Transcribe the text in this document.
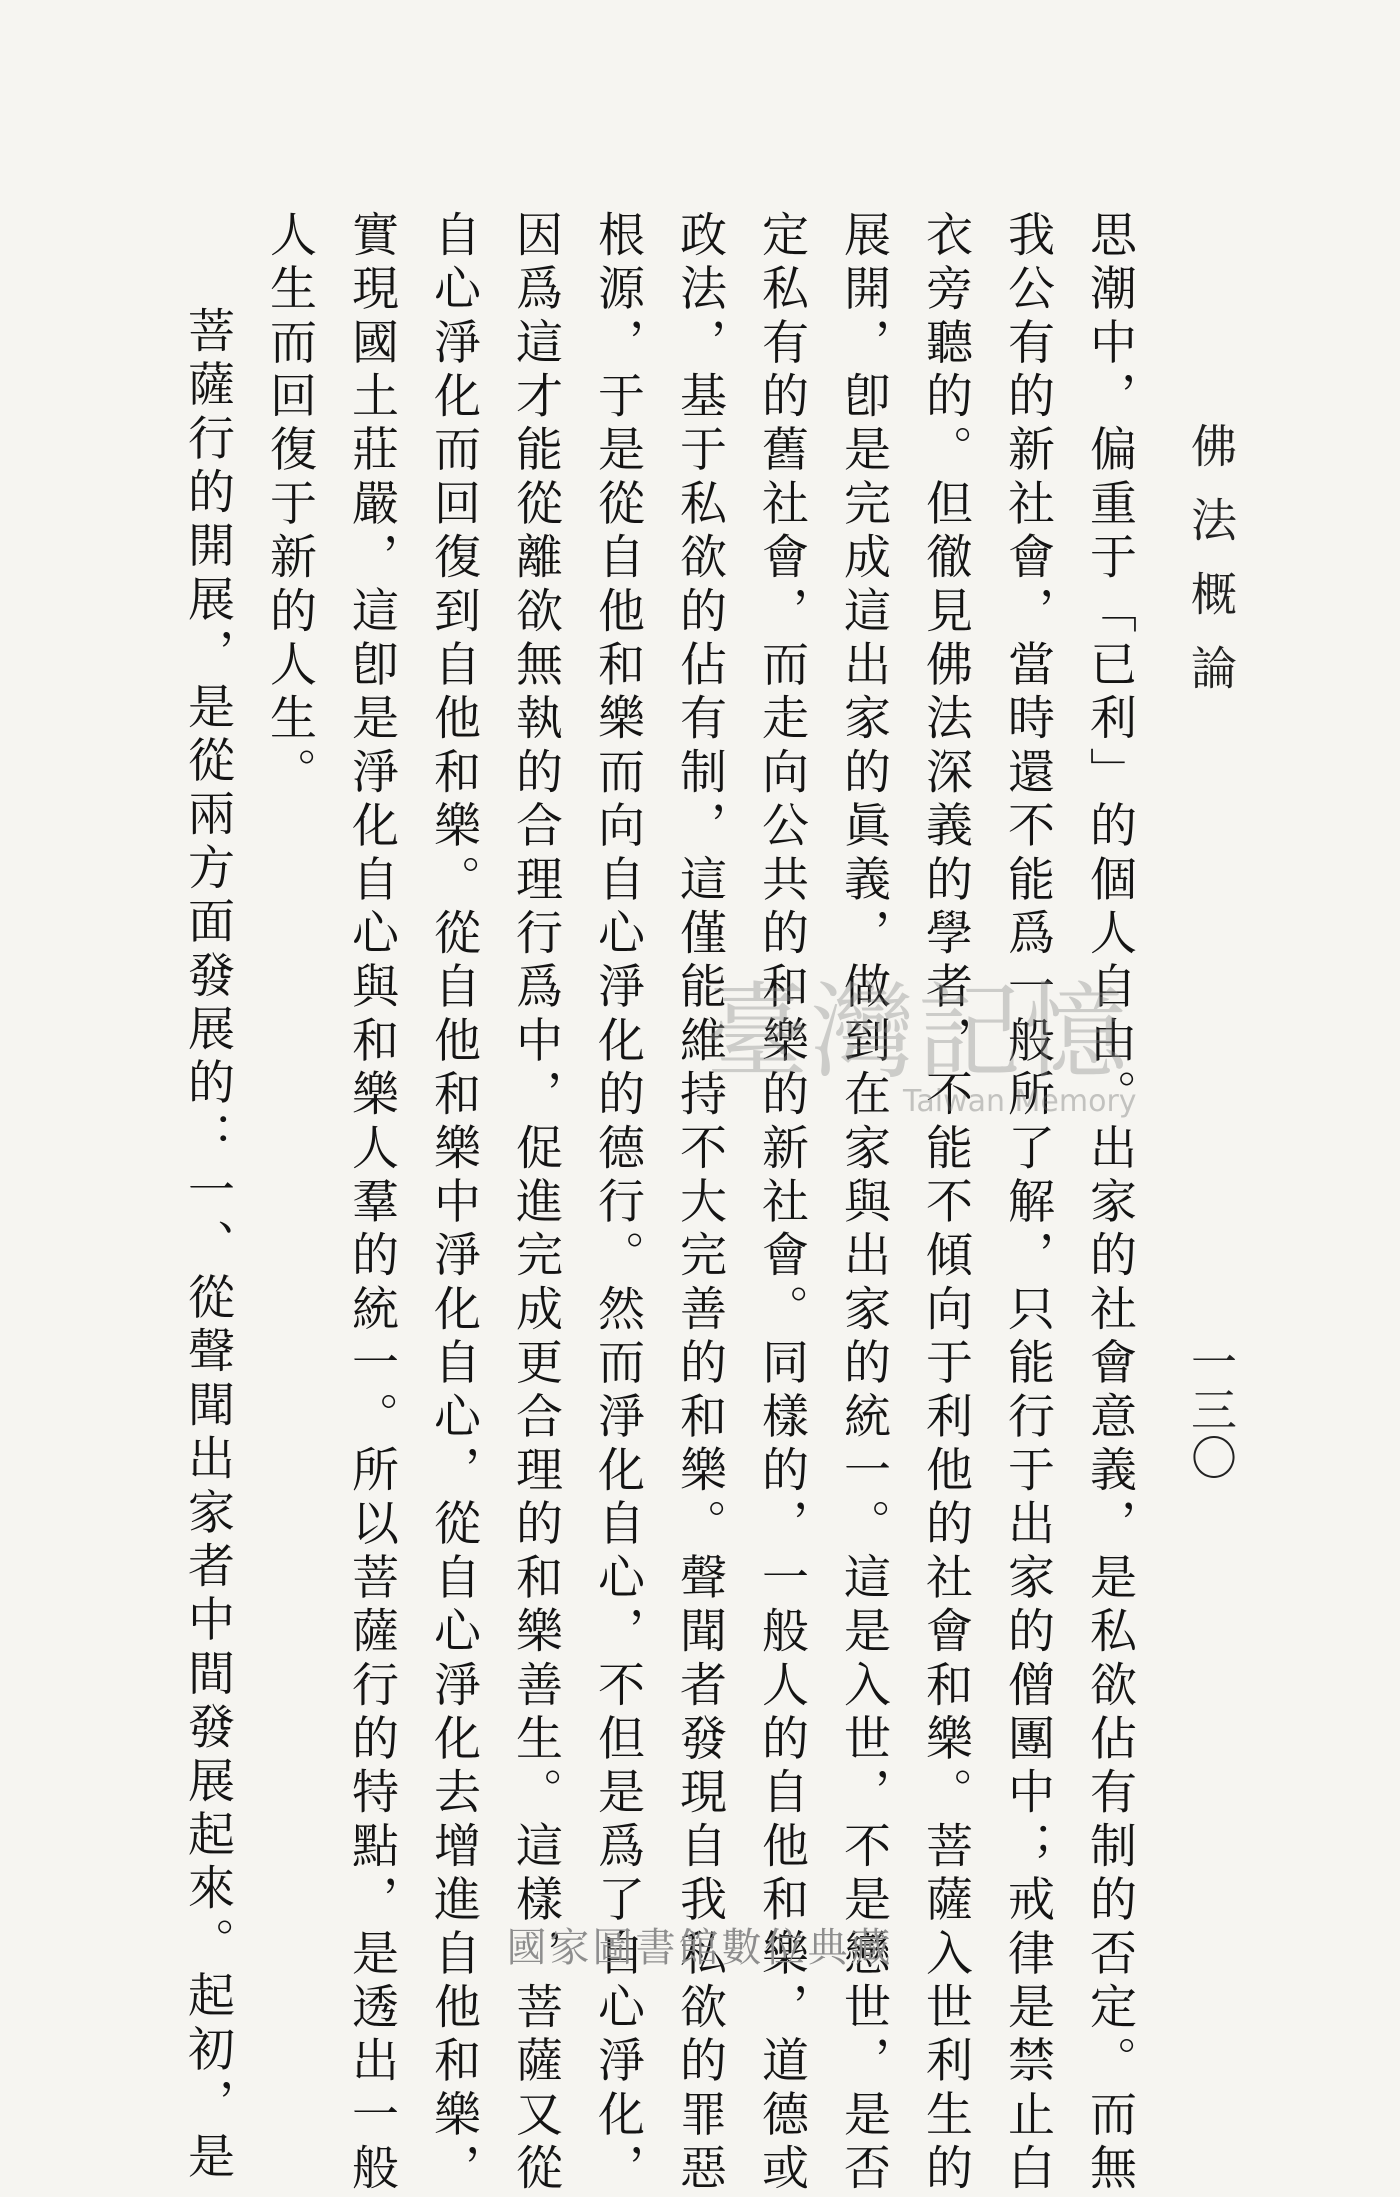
佛法概論
一三〇
思潮中，偏重于「已利」的個人自由。出家的社會意義，是私欲佔有制的否定。而無
我公有的新社會，當時還不能爲一般所了解，只能行于出家的僧團中；戒律是禁止白
衣旁聽的。但徹見佛法深義的學者，不能不傾向于利他的社會和樂。菩薩入世利生的
展開，卽是完成這出家的眞義，做到在家與出家的統一。這是入世，不是戀世，是否
定私有的舊社會，而走向公共的和樂的新社會。同樣的，一般人的自他和樂，道德或
政法，基于私欲的佔有制，這僅能維持不大完善的和樂。聲聞者發現自我私欲的罪惡
根源，于是從自他和樂而向自心淨化的德行。然而淨化自心，不但是爲了自心淨化，
因爲這才能從離欲無執的合理行爲中，促進完成更合理的和樂善生。這樣，菩薩又從
自心淨化而回復到自他和樂。從自他和樂中淨化自心，從自心淨化去增進自他和樂，
實現國土莊嚴，這卽是淨化自心與和樂人羣的統一。所以菩薩行的特點，是透出一般
人生而回復于新的人生。
菩薩行的開展，是從兩方面發展的：一、從聲聞出家者中間發展起來。起初，是	臺灣記憶
Taiwan Memory
國家圖書館數位典藏
